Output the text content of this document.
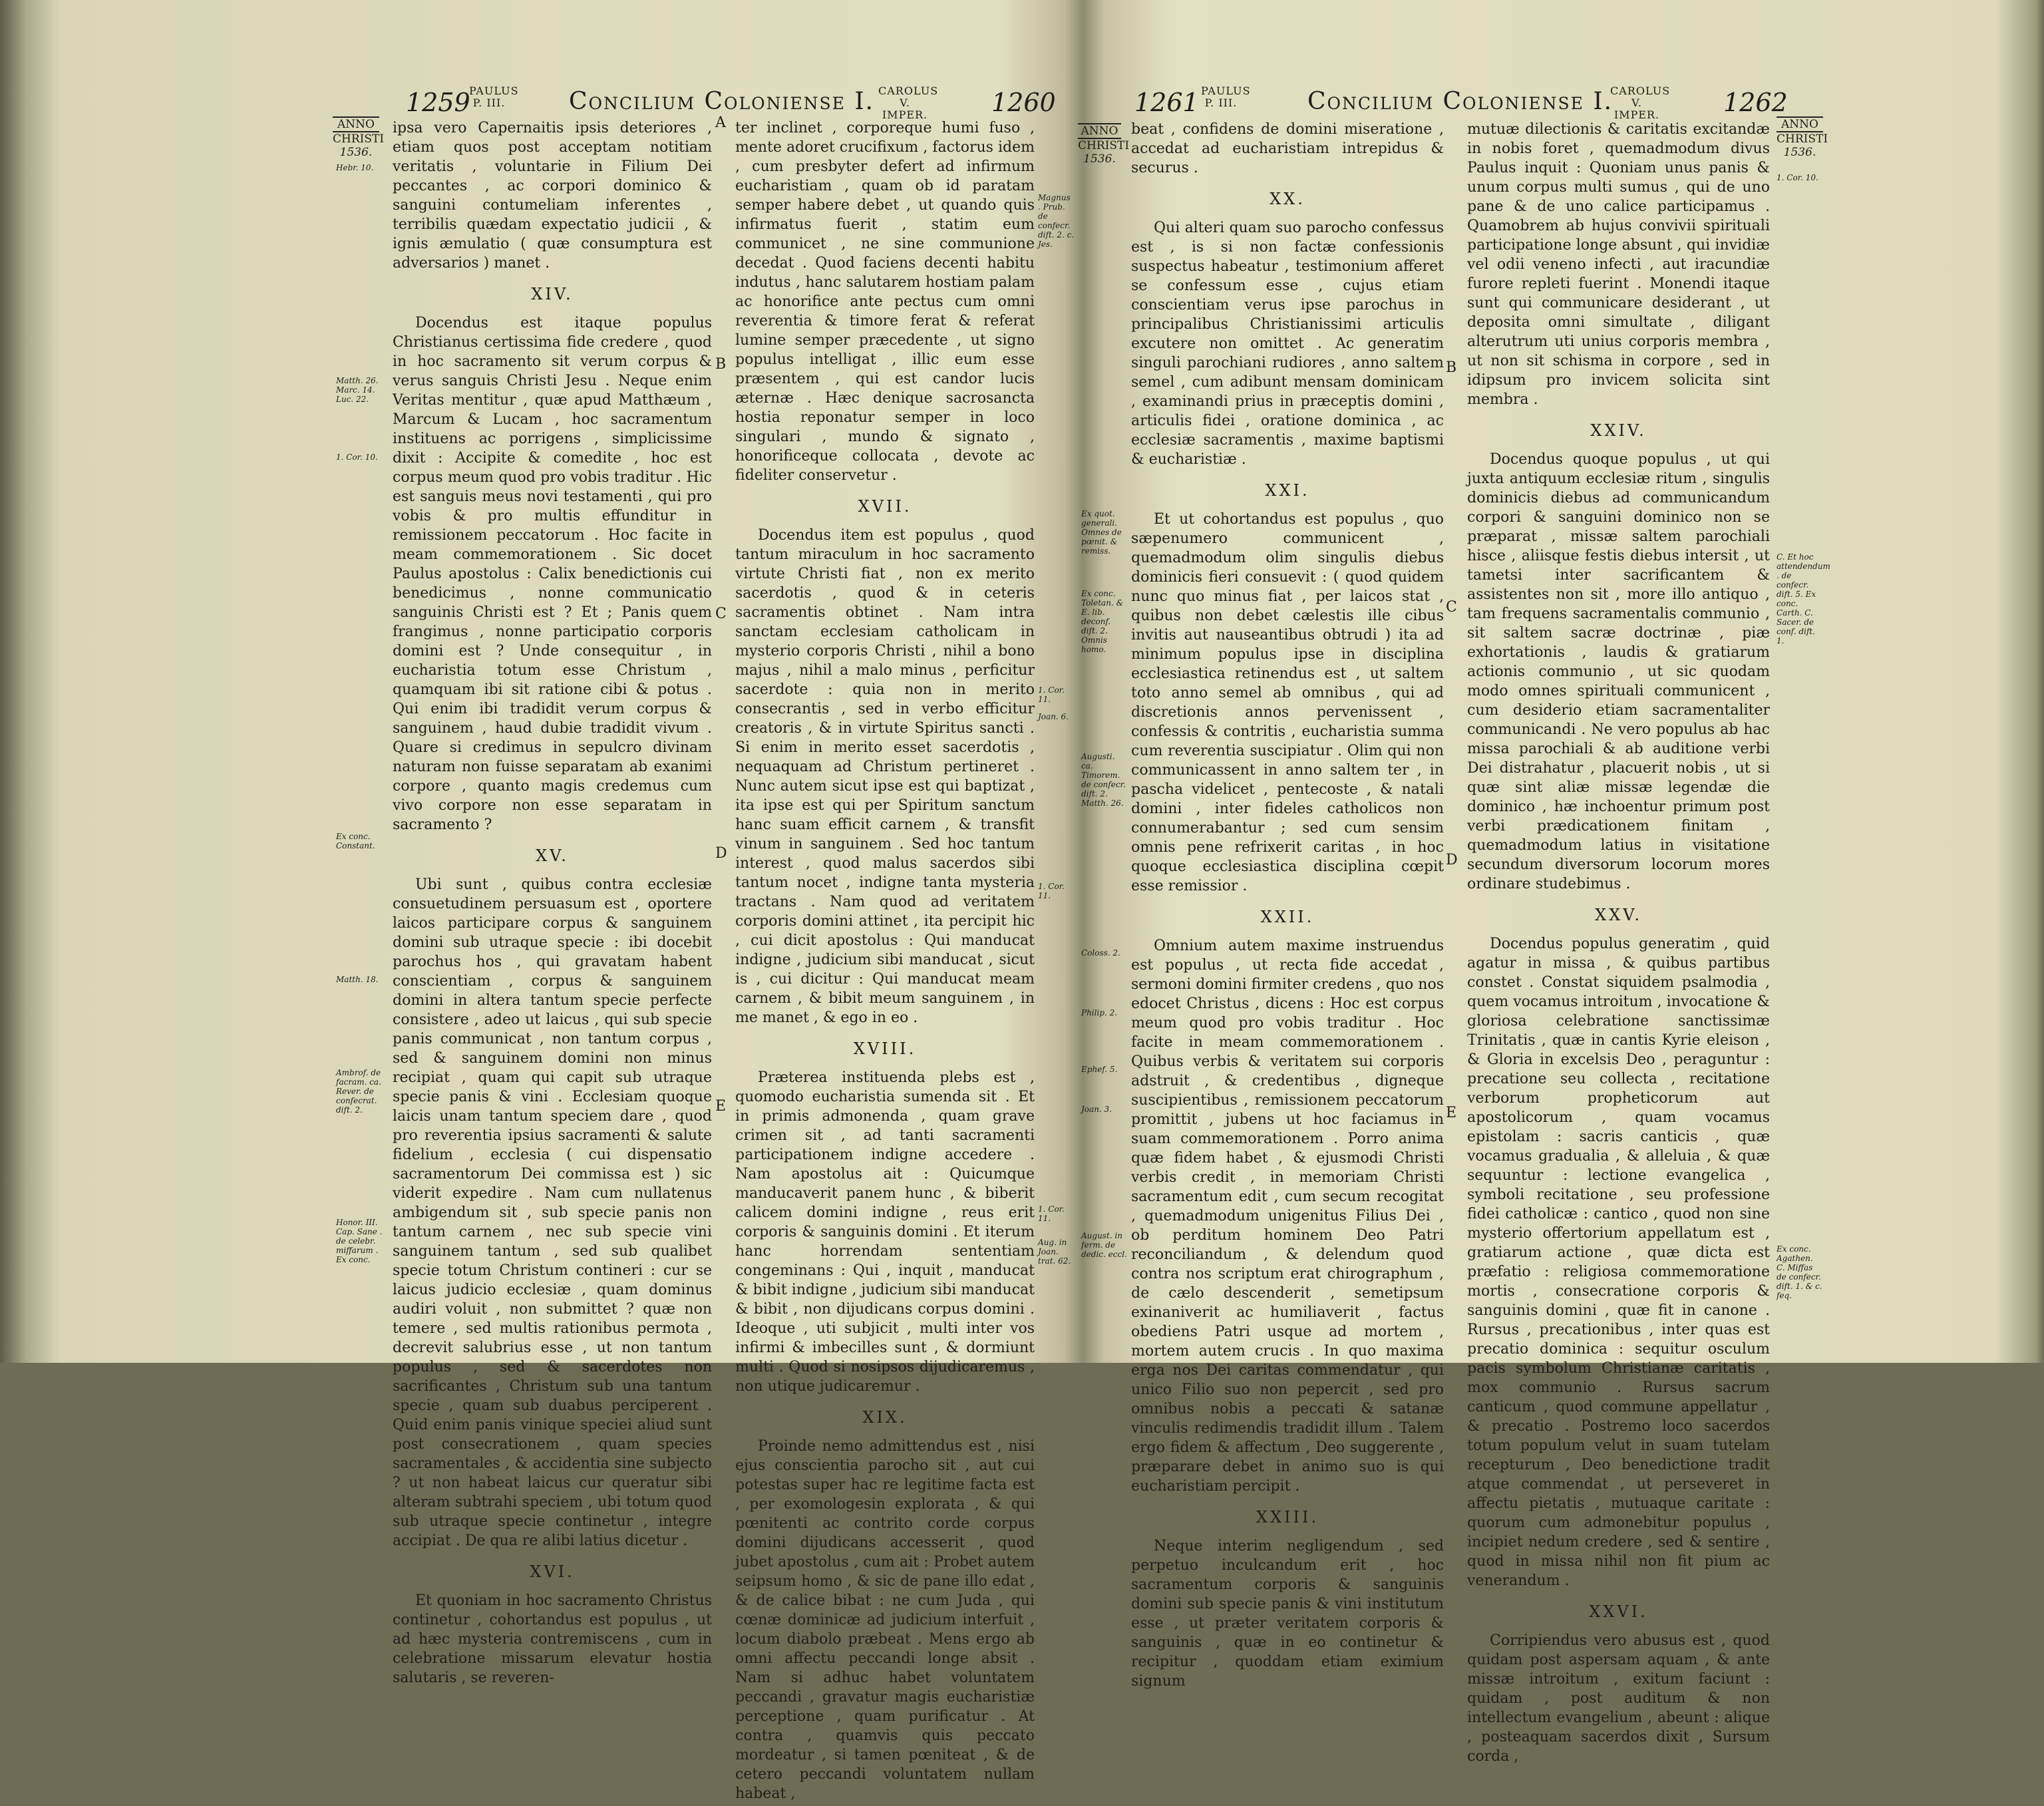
1259
PAULUS P. III.	Concilium Coloniense I. CAROLUS V. IMPER.	1260
ANNO
CHRISTI
1536.
Hebr. 10.
Matth. 26. Marc. 14. Luc. 22.
1. Cor. 10.
Ex conc. Constant.
Matth. 18.
Ambrof. de facram. ca. Rever. de confecrat. dift. 2.
Honor. III. Cap. Sane . de celebr. miffarum . Ex conc.

ipsa vero Capernaitis ipsis deteriores , etiam quos post acceptam notitiam veritatis , voluntarie in Filium Dei peccantes , ac corpori dominico & sanguini contumeliam inferentes , terribilis quædam expectatio judicii , & ignis æmulatio ( quæ consumptura est adversarios ) manet .

XIV.

Docendus est itaque populus Christianus certissima fide credere , quod in hoc sacramento sit verum corpus & verus sanguis Christi Jesu . Neque enim Veritas mentitur , quæ apud Matthæum , Marcum & Lucam , hoc sacramentum instituens ac porrigens , simplicissime dixit : Accipite & comedite , hoc est corpus meum quod pro vobis traditur . Hic est sanguis meus novi testamenti , qui pro vobis & pro multis effunditur in remissionem peccatorum . Hoc facite in meam commemorationem . Sic docet Paulus apostolus : Calix benedictionis cui benedicimus , nonne communicatio sanguinis Christi est ? Et ; Panis quem frangimus , nonne participatio corporis domini est ? Unde consequitur , in eucharistia totum esse Christum , quamquam ibi sit ratione cibi & potus . Qui enim ibi tradidit verum corpus & sanguinem , haud dubie tradidit vivum . Quare si credimus in sepulcro divinam naturam non fuisse separatam ab exanimi corpore , quanto magis credemus cum vivo corpore non esse separatam in sacramento ?

XV.

Ubi sunt , quibus contra ecclesiæ consuetudinem persuasum est , oportere laicos participare corpus & sanguinem domini sub utraque specie : ibi docebit parochus hos , qui gravatam habent conscientiam , corpus & sanguinem domini in altera tantum specie perfecte consistere , adeo ut laicus , qui sub specie panis communicat , non tantum corpus , sed & sanguinem domini non minus recipiat , quam qui capit sub utraque specie panis & vini . Ecclesiam quoque laicis unam tantum speciem dare , quod pro reverentia ipsius sacramenti & salute fidelium , ecclesia ( cui dispensatio sacramentorum Dei commissa est ) sic viderit expedire . Nam cum nullatenus ambigendum sit , sub specie panis non tantum carnem , nec sub specie vini sanguinem tantum , sed sub qualibet specie totum Christum contineri : cur se laicus judicio ecclesiæ , quam dominus audiri voluit , non submittet ? quæ non temere , sed multis rationibus permota , decrevit salubrius esse , ut non tantum populus , sed & sacerdotes non sacrificantes , Christum sub una tantum specie , quam sub duabus perciperent . Quid enim panis vinique speciei aliud sunt post consecrationem , quam species sacramentales , & accidentia sine subjecto ? ut non habeat laicus cur queratur sibi alteram subtrahi speciem , ubi totum quod sub utraque specie continetur , integre accipiat . De qua re alibi latius dicetur .

XVI.

Et quoniam in hoc sacramento Christus continetur , cohortandus est populus , ut ad hæc mysteria contremiscens , cum in celebratione missarum elevatur hostia salutaris , se reveren-

A
B
C
D
E

ter inclinet , corporeque humi fuso , mente adoret crucifixum , factorus idem , cum presbyter defert ad infirmum eucharistiam , quam ob id paratam semper habere debet , ut quando quis infirmatus fuerit , statim eum communicet , ne sine communione decedat . Quod faciens decenti habitu indutus , hanc salutarem hostiam palam ac honorifice ante pectus cum omni reverentia & timore ferat & referat lumine semper præcedente , ut signo populus intelligat , illic eum esse præsentem , qui est candor lucis æternæ . Hæc denique sacrosancta hostia reponatur semper in loco singulari , mundo & signato , honorificeque collocata , devote ac fideliter conservetur .

XVII.

Docendus item est populus , quod tantum miraculum in hoc sacramento virtute Christi fiat , non ex merito sacerdotis , quod & in ceteris sacramentis obtinet . Nam intra sanctam ecclesiam catholicam in mysterio corporis Christi , nihil a bono majus , nihil a malo minus , perficitur sacerdote : quia non in merito consecrantis , sed in verbo efficitur creatoris , & in virtute Spiritus sancti . Si enim in merito esset sacerdotis , nequaquam ad Christum pertineret . Nunc autem sicut ipse est qui baptizat , ita ipse est qui per Spiritum sanctum hanc suam efficit carnem , & transfit vinum in sanguinem . Sed hoc tantum interest , quod malus sacerdos sibi tantum nocet , indigne tanta mysteria tractans . Nam quod ad veritatem corporis domini attinet , ita percipit hic , cui dicit apostolus : Qui manducat indigne , judicium sibi manducat , sicut is , cui dicitur : Qui manducat meam carnem , & bibit meum sanguinem , in me manet , & ego in eo .

XVIII.

Præterea instituenda plebs est , quomodo eucharistia sumenda sit . Et in primis admonenda , quam grave crimen sit , ad tanti sacramenti participationem indigne accedere . Nam apostolus ait : Quicumque manducaverit panem hunc , & biberit calicem domini indigne , reus erit corporis & sanguinis domini . Et iterum hanc horrendam sententiam congeminans : Qui , inquit , manducat & bibit indigne , judicium sibi manducat & bibit , non dijudicans corpus domini . Ideoque , uti subjicit , multi inter vos infirmi & imbecilles sunt , & dormiunt multi . Quod si nosipsos dijudicaremus , non utique judicaremur .

XIX.

Proinde nemo admittendus est , nisi ejus conscientia parocho sit , aut cui potestas super hac re legitime facta est , per exomologesin explorata , & qui pœnitenti ac contrito corde corpus domini dijudicans accesserit , quod jubet apostolus , cum ait : Probet autem seipsum homo , & sic de pane illo edat , & de calice bibat : ne cum Juda , qui cœnæ dominicæ ad judicium interfuit , locum diabolo præbeat . Mens ergo ab omni affectu peccandi longe absit . Nam si adhuc habet voluntatem peccandi , gravatur magis eucharistiæ perceptione , quam purificatur . At contra , quamvis quis peccato mordeatur , si tamen pœniteat , & de cetero peccandi voluntatem nullam habeat ,

Magnus . Prub. de confecr. dift. 2. c. Jes.
1. Cor. 11.
Joan. 6.
1. Cor. 11.
1. Cor. 11.
Aug. in Joan. trat. 62.
1261 PAULUS P. III.	Concilium Coloniense I.
CAROLUS V. IMPER.	1262
ANNO
CHRISTI
1536.
Ex quot. generali. Omnes de pœnit. & remiss.
Ex conc. Toletan. & E. lib. deconf. dift. 2. Omnis homo.
Augusti. ca. Timorem. de confecr. dift. 2.
Matth. 26.
Coloss. 2.
Philip. 2.
Ephef. 5.
Joan. 3.
August. in ferm. de dedic. eccl.

beat , confidens de domini miseratione , accedat ad eucharistiam intrepidus & securus .

XX.

Qui alteri quam suo parocho confessus est , is si non factæ confessionis suspectus habeatur , testimonium afferet se confessum esse , cujus etiam conscientiam verus ipse parochus in principalibus Christianissimi articulis excutere non omittet . Ac generatim singuli parochiani rudiores , anno saltem semel , cum adibunt mensam dominicam , examinandi prius in præceptis domini , articulis fidei , oratione dominica , ac ecclesiæ sacramentis , maxime baptismi & eucharistiæ .

XXI.

Et ut cohortandus est populus , quo sæpenumero communicent , quemadmodum olim singulis diebus dominicis fieri consuevit : ( quod quidem nunc quo minus fiat , per laicos stat , quibus non debet cælestis ille cibus invitis aut nauseantibus obtrudi ) ita ad minimum populus ipse in disciplina ecclesiastica retinendus est , ut saltem toto anno semel ab omnibus , qui ad discretionis annos pervenissent , confessis & contritis , eucharistia summa cum reverentia suscipiatur . Olim qui non communicassent in anno saltem ter , in pascha videlicet , pentecoste , & natali domini , inter fideles catholicos non connumerabantur ; sed cum sensim omnis pene refrixerit caritas , in hoc quoque ecclesiastica disciplina cœpit esse remissior .

XXII.

Omnium autem maxime instruendus est populus , ut recta fide accedat , sermoni domini firmiter credens , quo nos edocet Christus , dicens : Hoc est corpus meum quod pro vobis traditur . Hoc facite in meam commemorationem . Quibus verbis & veritatem sui corporis adstruit , & credentibus , digneque suscipientibus , remissionem peccatorum promittit , jubens ut hoc faciamus in suam commemorationem . Porro anima quæ fidem habet , & ejusmodi Christi verbis credit , in memoriam Christi sacramentum edit , cum secum recogitat , quemadmodum unigenitus Filius Dei , ob perditum hominem Deo Patri reconciliandum , & delendum quod contra nos scriptum erat chirographum , de cælo descenderit , semetipsum exinaniverit ac humiliaverit , factus obediens Patri usque ad mortem , mortem autem crucis . In quo maxima erga nos Dei caritas commendatur , qui unico Filio suo non pepercit , sed pro omnibus nobis a peccati & satanæ vinculis redimendis tradidit illum . Talem ergo fidem & affectum , Deo suggerente , præparare debet in animo suo is qui eucharistiam percipit .

XXIII.

Neque interim negligendum , sed perpetuo inculcandum erit , hoc sacramentum corporis & sanguinis domini sub specie panis & vini institutum esse , ut præter veritatem corporis & sanguinis , quæ in eo continetur & recipitur , quoddam etiam eximium signum

B
C
D
E

mutuæ dilectionis & caritatis excitandæ in nobis foret , quemadmodum divus Paulus inquit : Quoniam unus panis & unum corpus multi sumus , qui de uno pane & de uno calice participamus . Quamobrem ab hujus convivii spirituali participatione longe absunt , qui invidiæ vel odii veneno infecti , aut iracundiæ furore repleti fuerint . Monendi itaque sunt qui communicare desiderant , ut deposita omni simultate , diligant alterutrum uti unius corporis membra , ut non sit schisma in corpore , sed in idipsum pro invicem solicita sint membra .

XXIV.

Docendus quoque populus , ut qui juxta antiquum ecclesiæ ritum , singulis dominicis diebus ad communicandum corpori & sanguini dominico non se præparat , missæ saltem parochiali hisce , aliisque festis diebus intersit , ut tametsi inter sacrificantem & assistentes non sit , more illo antiquo , tam frequens sacramentalis communio , sit saltem sacræ doctrinæ , piæ exhortationis , laudis & gratiarum actionis communio , ut sic quodam modo omnes spirituali communicent , cum desiderio etiam sacramentaliter communicandi . Ne vero populus ab hac missa parochiali & ab auditione verbi Dei distrahatur , placuerit nobis , ut si quæ sint aliæ missæ legendæ die dominico , hæ inchoentur primum post verbi prædicationem finitam , quemadmodum latius in visitatione secundum diversorum locorum mores ordinare studebimus .

XXV.

Docendus populus generatim , quid agatur in missa , & quibus partibus constet . Constat siquidem psalmodia , quem vocamus introitum , invocatione & gloriosa celebratione sanctissimæ Trinitatis , quæ in cantis Kyrie eleison , & Gloria in excelsis Deo , peraguntur : precatione seu collecta , recitatione verborum propheticorum aut apostolicorum , quam vocamus epistolam : sacris canticis , quæ vocamus gradualia , & alleluia , & quæ sequuntur : lectione evangelica , symboli recitatione , seu professione fidei catholicæ : cantico , quod non sine mysterio offertorium appellatum est , gratiarum actione , quæ dicta est præfatio : religiosa commemoratione mortis , consecratione corporis & sanguinis domini , quæ fit in canone . Rursus , precationibus , inter quas est precatio dominica : sequitur osculum pacis symbolum Christianæ caritatis , mox communio . Rursus sacrum canticum , quod commune appellatur , & precatio . Postremo loco sacerdos totum populum velut in suam tutelam recepturum , Deo benedictione tradit atque commendat , ut perseveret in affectu pietatis , mutuaque caritate : quorum cum admonebitur populus , incipiet nedum credere , sed & sentire , quod in missa nihil non fit pium ac venerandum .

XXVI.

Corripiendus vero abusus est , quod quidam post aspersam aquam , & ante missæ introitum , exitum faciunt : quidam , post auditum & non intellectum evangelium , abeunt : alique , posteaquam sacerdos dixit , Sursum corda ,

ANNO
CHRISTI
1536.
1. Cor. 10.
C. Et hoc attendendum . de confecr. dift. 5. Ex conc. Carth. C. Sacer. de conf. dift. 1.
Ex conc. Agathen. C. Miffas de confecr. dift. 1. & c. feq.
